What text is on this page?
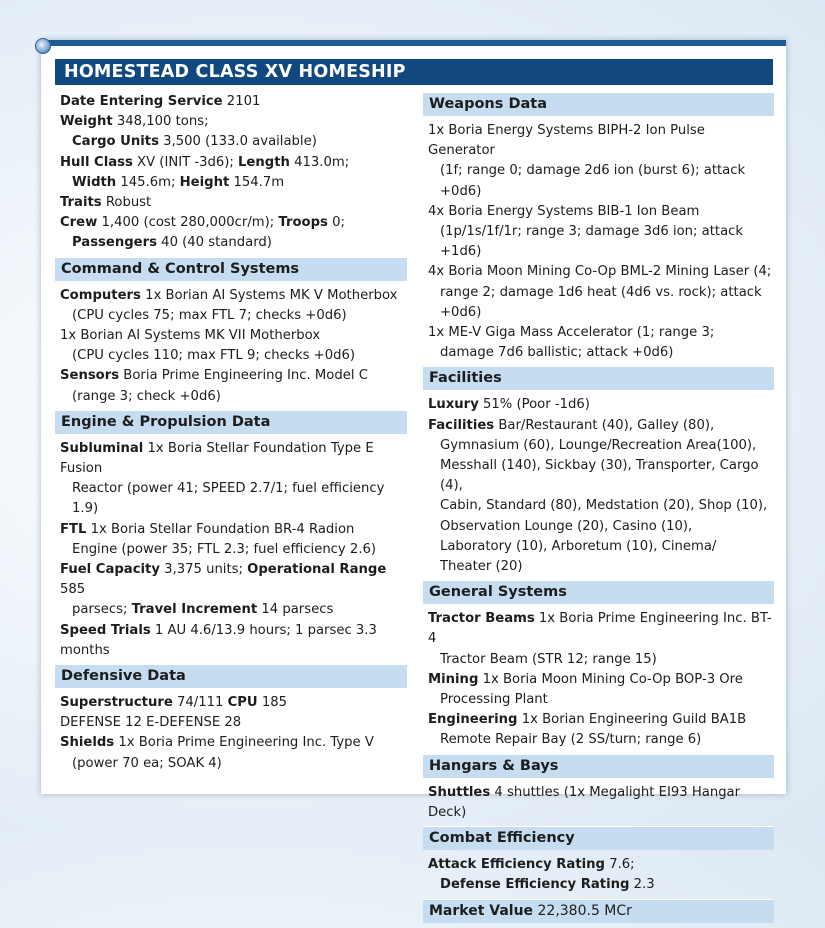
HOMESTEAD CLASS XV HOMESHIP
Date Entering Service 2101
Weight 348,100 tons;
Cargo Units 3,500 (133.0 available)
Hull Class XV (INIT -3d6); Length 413.0m;
Width 145.6m; Height 154.7m
Traits Robust
Crew 1,400 (cost 280,000cr/m); Troops 0;
Passengers 40 (40 standard)
Command & Control Systems
Computers 1x Borian AI Systems MK V Motherbox
(CPU cycles 75; max FTL 7; checks +0d6)
1x Borian AI Systems MK VII Motherbox
(CPU cycles 110; max FTL 9; checks +0d6)
Sensors Boria Prime Engineering Inc. Model C
(range 3; check +0d6)
Engine & Propulsion Data
Subluminal 1x Boria Stellar Foundation Type E Fusion
Reactor (power 41; SPEED 2.7/1; fuel efficiency 1.9)
FTL 1x Boria Stellar Foundation BR-4 Radion
Engine (power 35; FTL 2.3; fuel efficiency 2.6)
Fuel Capacity 3,375 units; Operational Range 585
parsecs; Travel Increment 14 parsecs
Speed Trials 1 AU 4.6/13.9 hours; 1 parsec 3.3 months
Defensive Data
Superstructure 74/111 CPU 185
DEFENSE 12 E-DEFENSE 28
Shields 1x Boria Prime Engineering Inc. Type V
(power 70 ea; SOAK 4)
Weapons Data
1x Boria Energy Systems BIPH-2 Ion Pulse Generator
(1f; range 0; damage 2d6 ion (burst 6); attack +0d6)
4x Boria Energy Systems BIB-1 Ion Beam
(1p/1s/1f/1r; range 3; damage 3d6 ion; attack +1d6)
4x Boria Moon Mining Co-Op BML-2 Mining Laser (4;
range 2; damage 1d6 heat (4d6 vs. rock); attack +0d6)
1x ME-V Giga Mass Accelerator (1; range 3;
damage 7d6 ballistic; attack +0d6)
Facilities
Luxury 51% (Poor -1d6)
Facilities Bar/Restaurant (40), Galley (80),
Gymnasium (60), Lounge/Recreation Area(100),
Messhall (140), Sickbay (30), Transporter, Cargo (4),
Cabin, Standard (80), Medstation (20), Shop (10),
Observation Lounge (20), Casino (10),
Laboratory (10), Arboretum (10), Cinema/
Theater (20)
General Systems
Tractor Beams 1x Boria Prime Engineering Inc. BT-4
Tractor Beam (STR 12; range 15)
Mining 1x Boria Moon Mining Co-Op BOP-3 Ore
Processing Plant
Engineering 1x Borian Engineering Guild BA1B
Remote Repair Bay (2 SS/turn; range 6)
Hangars & Bays
Shuttles 4 shuttles (1x Megalight EI93 Hangar Deck)
Combat Efficiency
Attack Efficiency Rating 7.6;
Defense Efficiency Rating 2.3
Market Value 22,380.5 MCr
